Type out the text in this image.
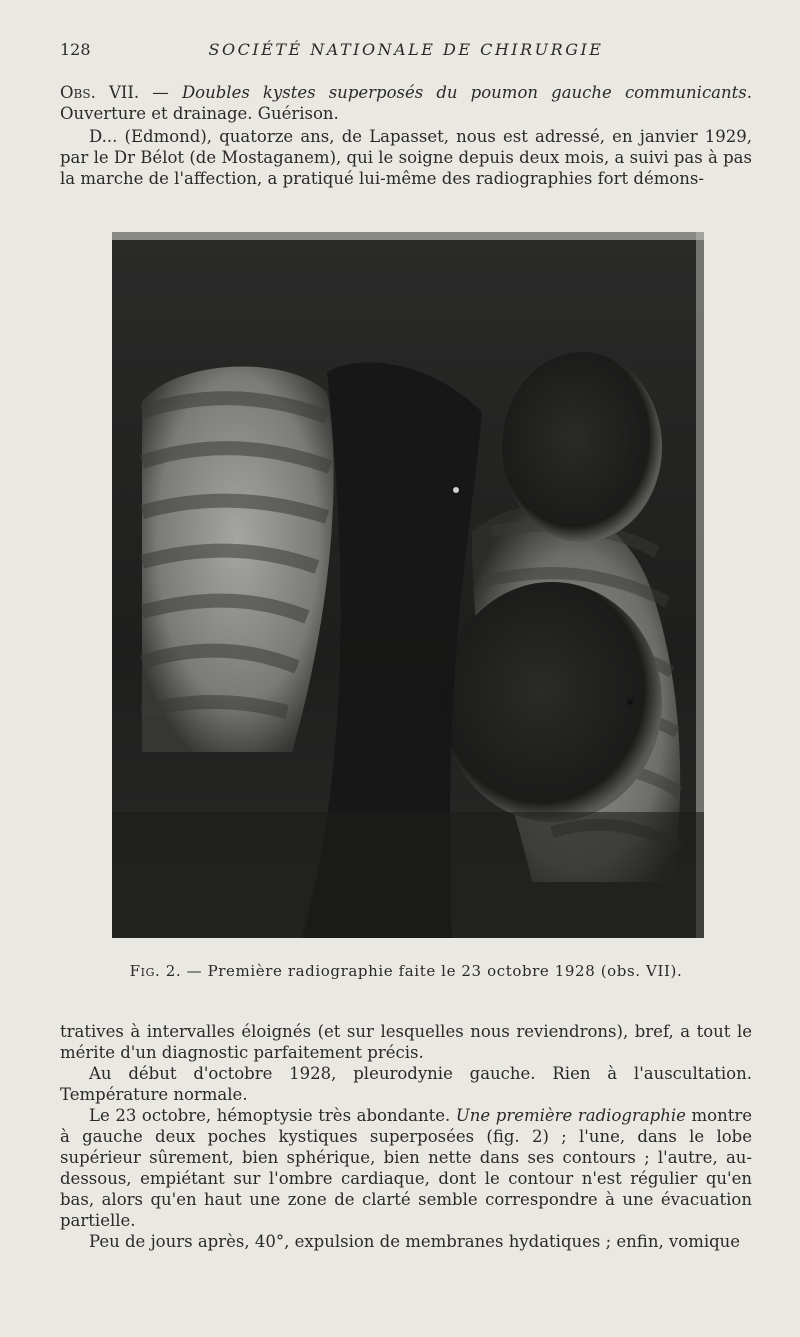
128	SOCIÉTÉ NATIONALE DE CHIRURGIE

Obs. VII. — Doubles kystes superposés du poumon gauche communicants. Ouverture et drainage. Guérison.

D... (Edmond), quatorze ans, de Lapasset, nous est adressé, en janvier 1929, par le Dr Bélot (de Mostaganem), qui le soigne depuis deux mois, a suivi pas à pas la marche de l'affection, a pratiqué lui-même des radiographies fort démons-

Fig. 2. — Première radiographie faite le 23 octobre 1928 (obs. VII).

tratives à intervalles éloignés (et sur lesquelles nous reviendrons), bref, a tout le mérite d'un diagnostic parfaitement précis.

Au début d'octobre 1928, pleurodynie gauche. Rien à l'auscultation. Température normale.

Le 23 octobre, hémoptysie très abondante. Une première radiographie montre à gauche deux poches kystiques superposées (fig. 2) ; l'une, dans le lobe supérieur sûrement, bien sphérique, bien nette dans ses contours ; l'autre, au-dessous, empiétant sur l'ombre cardiaque, dont le contour n'est régulier qu'en bas, alors qu'en haut une zone de clarté semble correspondre à une évacuation partielle.

Peu de jours après, 40°, expulsion de membranes hydatiques ; enfin, vomique
